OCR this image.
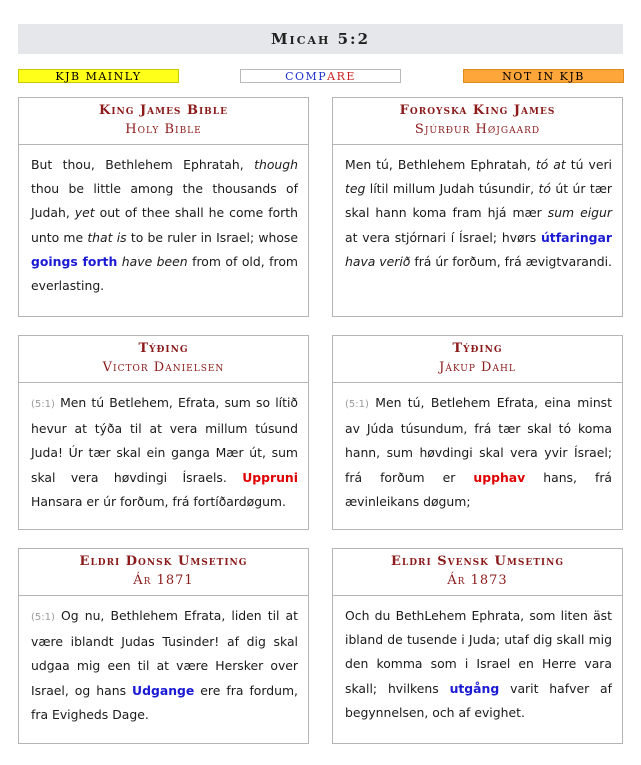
Micah 5:2
KJB MAINLY	COMP ARE	NOT IN KJB
King James Bible
Holy Bible
But thou, Bethlehem Ephratah, though thou be little among the thousands of Judah, yet out of thee shall he come forth unto me that is to be ruler in Israel; whose goings forth have been from of old, from everlasting.
Foroyska King James
Sjúrður Højgaard
Men tú, Bethlehem Ephratah, tó at tú veri teg lítil millum Judah túsundir, tó út úr tær skal hann koma fram hjá mær sum eigur at vera stjórnari í Ísrael; hvørs útfaringar hava verið frá úr forðum, frá ævigtvarandi.
Týðing
Victor Danielsen
(5:1) Men tú Betlehem, Efrata, sum so lítið hevur at týða til at vera millum túsund Juda! Úr tær skal ein ganga Mær út, sum skal vera høvdingi Ísraels. Uppruni Hansara er úr forðum, frá fortíðardøgum.
Týðing
Jákup Dahl
(5:1) Men tú, Betlehem Efrata, eina minst av Júda túsundum, frá tær skal tó koma hann, sum høvdingi skal vera yvir Ísrael; frá forðum er upphav hans, frá ævinleikans døgum;
Eldri Donsk Umseting
Ár 1871
(5:1) Og nu, Bethlehem Efrata, liden til at være iblandt Judas Tusinder! af dig skal udgaa mig een til at være Hersker over Israel, og hans Udgange ere fra fordum, fra Evigheds Dage.
Eldri Svensk Umseting
Ár 1873
Och du BethLehem Ephrata, som liten äst ibland de tusende i Juda; utaf dig skall mig den komma som i Israel en Herre vara skall; hvilkens utgång varit hafver af begynnelsen, och af evighet.
